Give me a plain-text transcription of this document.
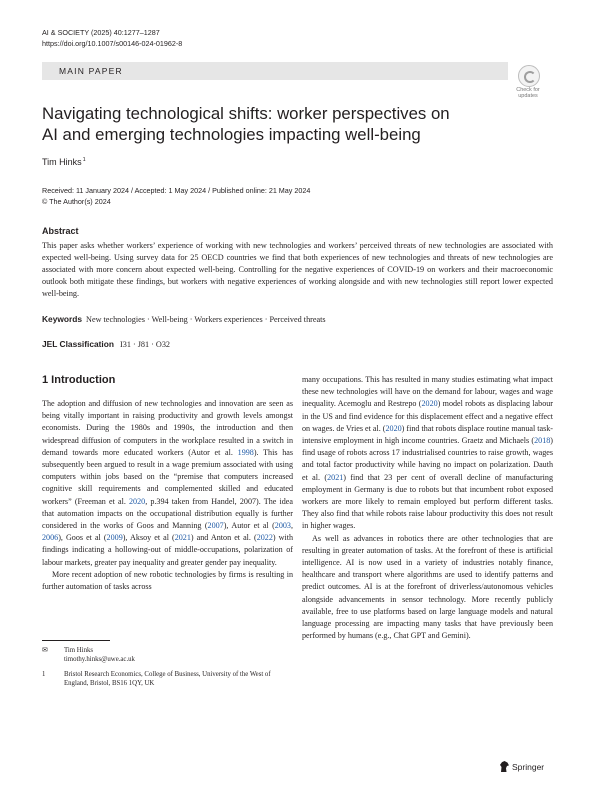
AI & SOCIETY (2025) 40:1277–1287
https://doi.org/10.1007/s00146-024-01962-8
MAIN PAPER
Check for
updates
Navigating technological shifts: worker perspectives on AI and emerging technologies impacting well-being
Tim Hinks$^1$
Received: 11 January 2024 / Accepted: 1 May 2024 / Published online: 21 May 2024
© The Author(s) 2024
Abstract
This paper asks whether workers’ experience of working with new technologies and workers’ perceived threats of new technologies are associated with expected well-being. Using survey data for 25 OECD countries we find that both experiences of new technologies and threats of new technologies are associated with more concern about expected well-being. Controlling for the negative experiences of COVID-19 on workers and their macroeconomic outlook both mitigate these findings, but workers with negative experiences of working alongside and with new technologies still report lower expected well-being.
Keywords New technologies · Well-being · Workers experiences · Perceived threats
JEL Classification I31 · J81 · O32
1 Introduction

The adoption and diffusion of new technologies and innovation are seen as being vitally important in raising productivity and growth levels amongst economists. During the 1980s and 1990s, the introduction and then widespread diffusion of computers in the workplace resulted in a switch in demand towards more educated workers (Autor et al. 1998). This has subsequently been argued to result in a wage premium associated with using computers within jobs based on the “premise that computers increased cognitive skill requirements and complemented skilled and educated workers” (Freeman et al. 2020, p.394 taken from Handel, 2007). The idea that automation impacts on the occupational distribution equally is further considered in the works of Goos and Manning (2007), Autor et al (2003, 2006), Goos et al (2009), Aksoy et al (2021) and Anton et al. (2022) with findings indicating a hollowing-out of middle-occupations, polarization of labour markets, greater pay inequality and greater gender pay inequality.

More recent adoption of new robotic technologies by firms is resulting in further automation of tasks across

many occupations. This has resulted in many studies estimating what impact these new technologies will have on the demand for labour, wages and wage inequality. Acemoglu and Restrepo (2020) model robots as displacing labour in the US and find evidence for this displacement effect and a negative effect on wages. de Vries et al. (2020) find that robots displace routine manual task-intensive employment in high income countries. Graetz and Michaels (2018) find usage of robots across 17 industrialised countries to raise growth, wages and total factor productivity while having no impact on polarization. Dauth et al. (2021) find that 23 per cent of overall decline of manufacturing employment in Germany is due to robots but that incumbent robot exposed workers are more likely to remain employed but perform different tasks. They also find that while robots raise labour productivity this does not result in higher wages.

As well as advances in robotics there are other technologies that are resulting in greater automation of tasks. At the forefront of these is artificial intelligence. AI is now used in a variety of industries notably finance, healthcare and transport where algorithms are used to identify patterns and predict outcomes. AI is at the forefront of driverless/autonomous vehicles alongside advancements in sensor technology. More recently publicly available, free to use platforms based on large language models and natural language processing are impacting many tasks that have previously been performed by humans (e.g., Chat GPT and Gemini).

✉ Tim Hinks
timothy.hinks@uwe.ac.uk
1	Bristol Research Economics, College of Business, University of the West of England, Bristol, BS16 1QY, UK
Springer
